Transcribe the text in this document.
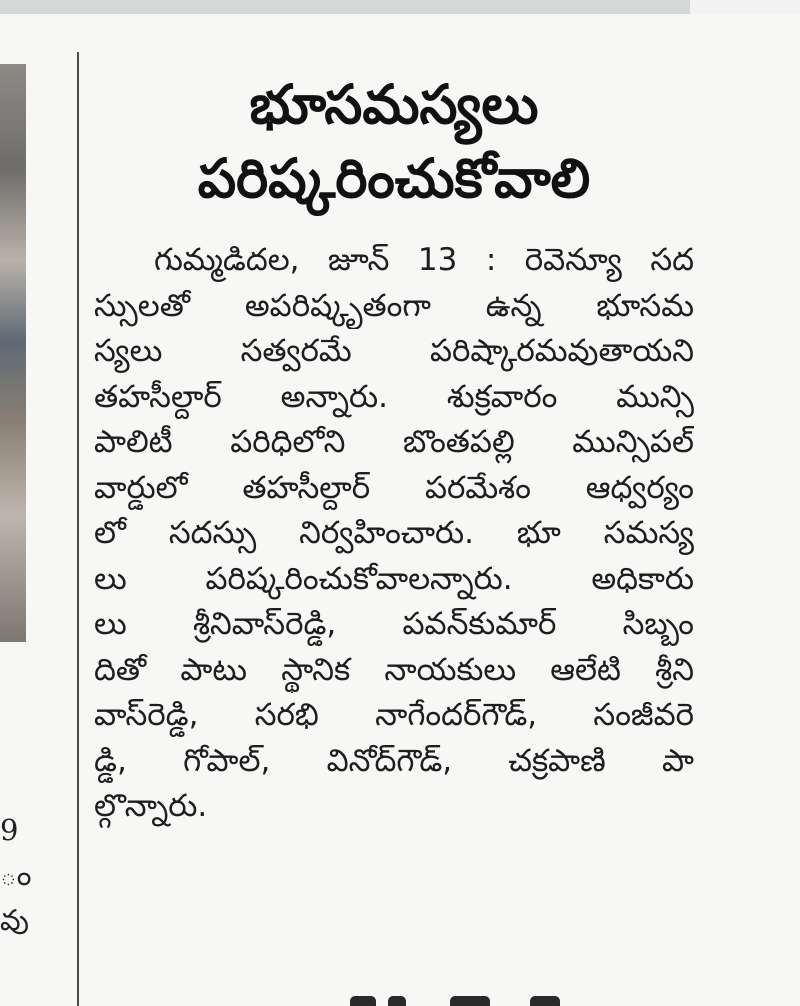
9
ం
వు
భూసమస్యలు
పరిష్కరించుకోవాలి
గుమ్మడిదల, జూన్ 13 : రెవెన్యూ సద
స్సులతో అపరిష్కృతంగా ఉన్న భూసమ
స్యలు సత్వరమే పరిష్కారమవుతాయని
తహసీల్దార్ అన్నారు. శుక్రవారం మున్సి
పాలిటీ పరిధిలోని బొంతపల్లి మున్సిపల్
వార్డులో తహసీల్దార్ పరమేశం ఆధ్వర్యం
లో సదస్సు నిర్వహించారు. భూ సమస్య
లు పరిష్కరించుకోవాలన్నారు. అధికారు
లు శ్రీనివాస్‌రెడ్డి, పవన్‌కుమార్ సిబ్బం
దితో పాటు స్థానిక నాయకులు ఆలేటి శ్రీని
వాస్‌రెడ్డి, సరభి నాగేందర్‌గౌడ్, సంజీవరె
డ్డి, గోపాల్, వినోద్‌గౌడ్, చక్రపాణి పా
ల్గొన్నారు.
